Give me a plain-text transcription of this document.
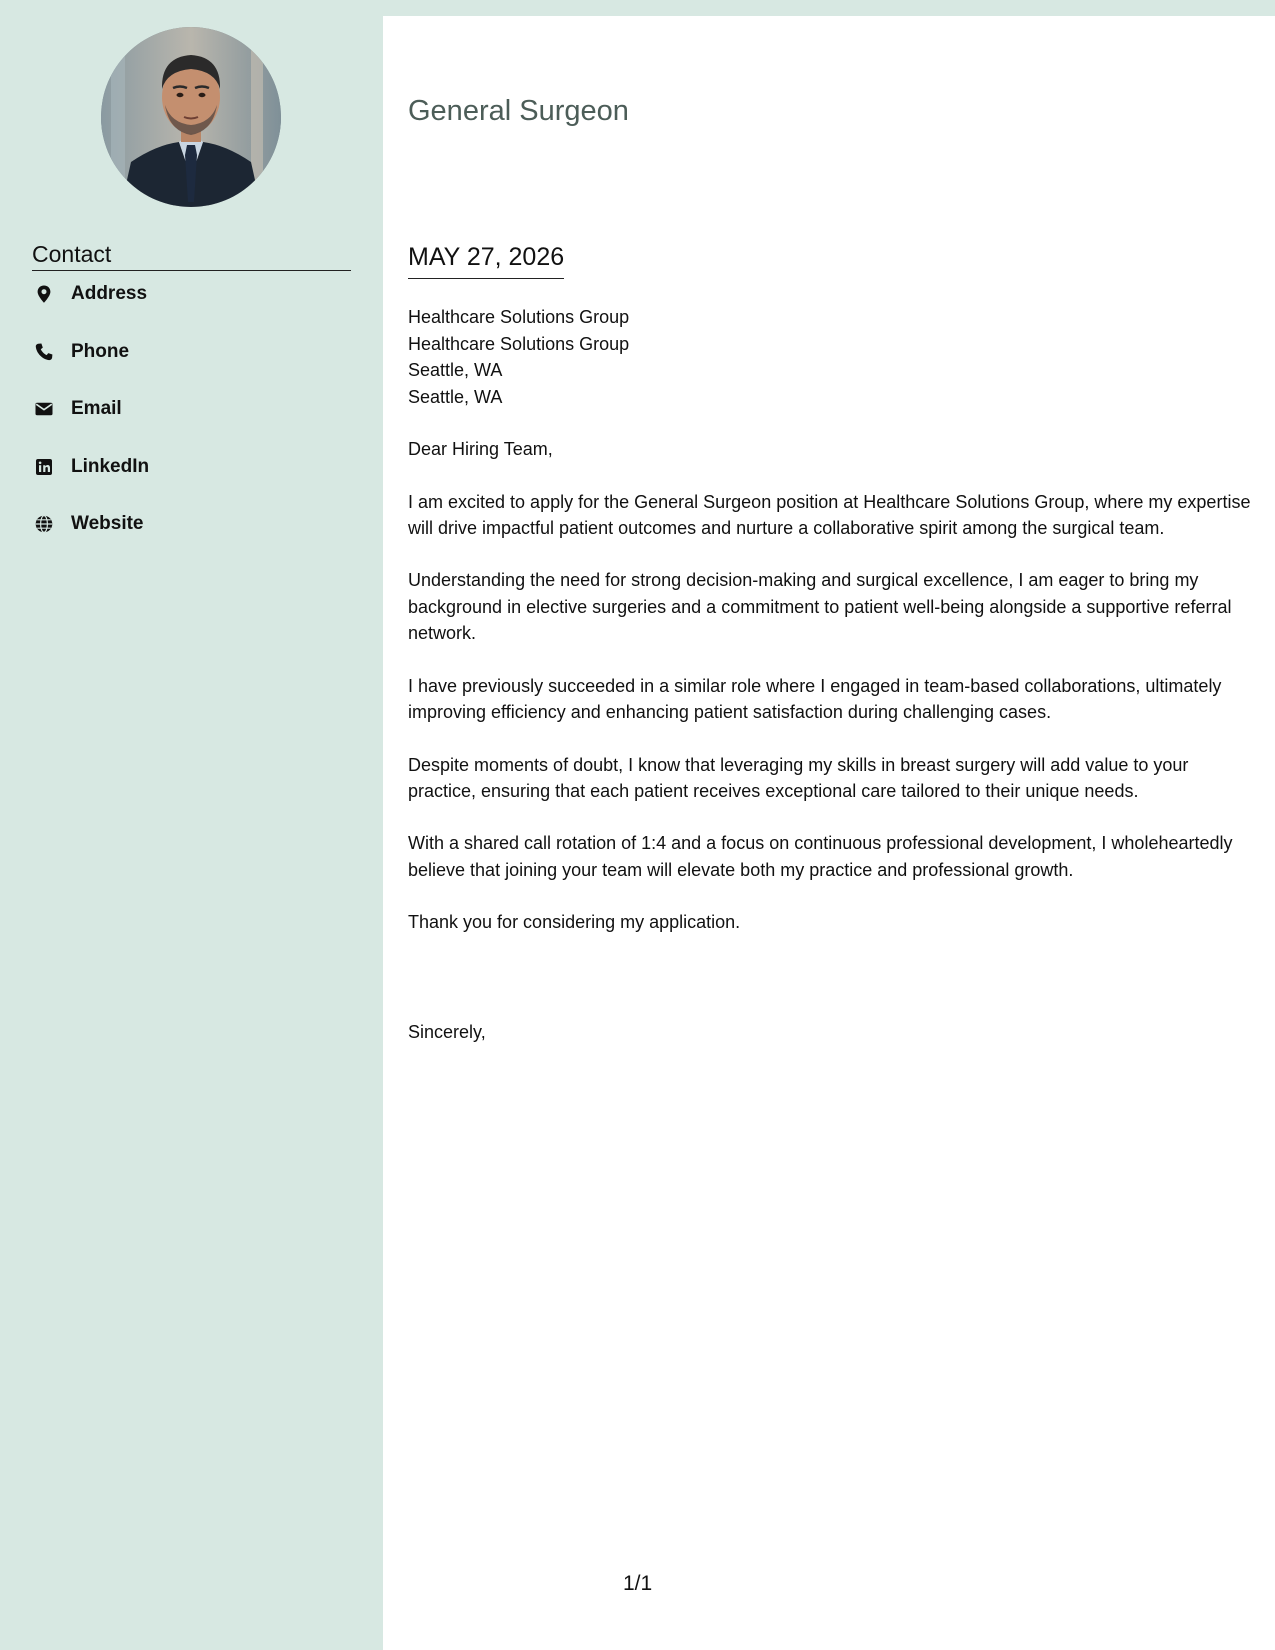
Contact
Address
Phone
Email
LinkedIn
Website
General Surgeon
MAY 27, 2026
Healthcare Solutions Group
Healthcare Solutions Group
Seattle, WA
Seattle, WA
Dear Hiring Team,

I am excited to apply for the General Surgeon position at Healthcare Solutions Group, where my expertise will drive impactful patient outcomes and nurture a collaborative spirit among the surgical team.

Understanding the need for strong decision-making and surgical excellence, I am eager to bring my background in elective surgeries and a commitment to patient well-being alongside a supportive referral network.

I have previously succeeded in a similar role where I engaged in team-based collaborations, ultimately improving efficiency and enhancing patient satisfaction during challenging cases.

Despite moments of doubt, I know that leveraging my skills in breast surgery will add value to your practice, ensuring that each patient receives exceptional care tailored to their unique needs.

With a shared call rotation of 1:4 and a focus on continuous professional development, I wholeheartedly believe that joining your team will elevate both my practice and professional growth.

Thank you for considering my application.

Sincerely,
1/1
